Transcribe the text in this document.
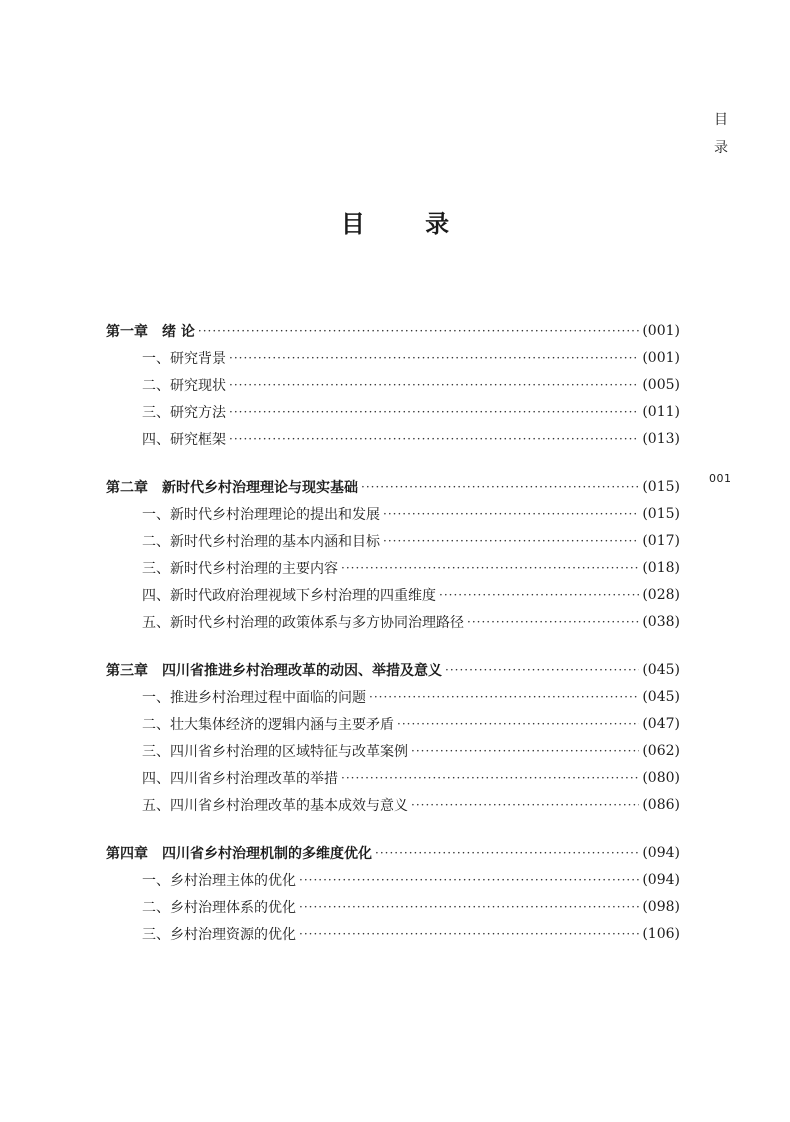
目录
001
目 录
第一章 绪 论 ·····	(001)
一、研究背景 ·····	(001)
二、研究现状 ·····	(005)
三、研究方法 ·····	(011)
四、研究框架 ·····	(013)
第二章 新时代乡村治理理论与现实基础 ·····	(015)
一、新时代乡村治理理论的提出和发展 ·····	(015)
二、新时代乡村治理的基本内涵和目标 ·····	(017)
三、新时代乡村治理的主要内容 ·····	(018)
四、新时代政府治理视域下乡村治理的四重维度 ·····	(028)
五、新时代乡村治理的政策体系与多方协同治理路径 ·····	(038)
第三章 四川省推进乡村治理改革的动因、举措及意义 ·····	(045)
一、推进乡村治理过程中面临的问题 ·····	(045)
二、壮大集体经济的逻辑内涵与主要矛盾 ·····	(047)
三、四川省乡村治理的区域特征与改革案例 ·····	(062)
四、四川省乡村治理改革的举措 ·····	(080)
五、四川省乡村治理改革的基本成效与意义 ·····	(086)
第四章 四川省乡村治理机制的多维度优化 ·····	(094)
一、乡村治理主体的优化 ·····	(094)
二、乡村治理体系的优化 ·····	(098)
三、乡村治理资源的优化 ·····	(106)
